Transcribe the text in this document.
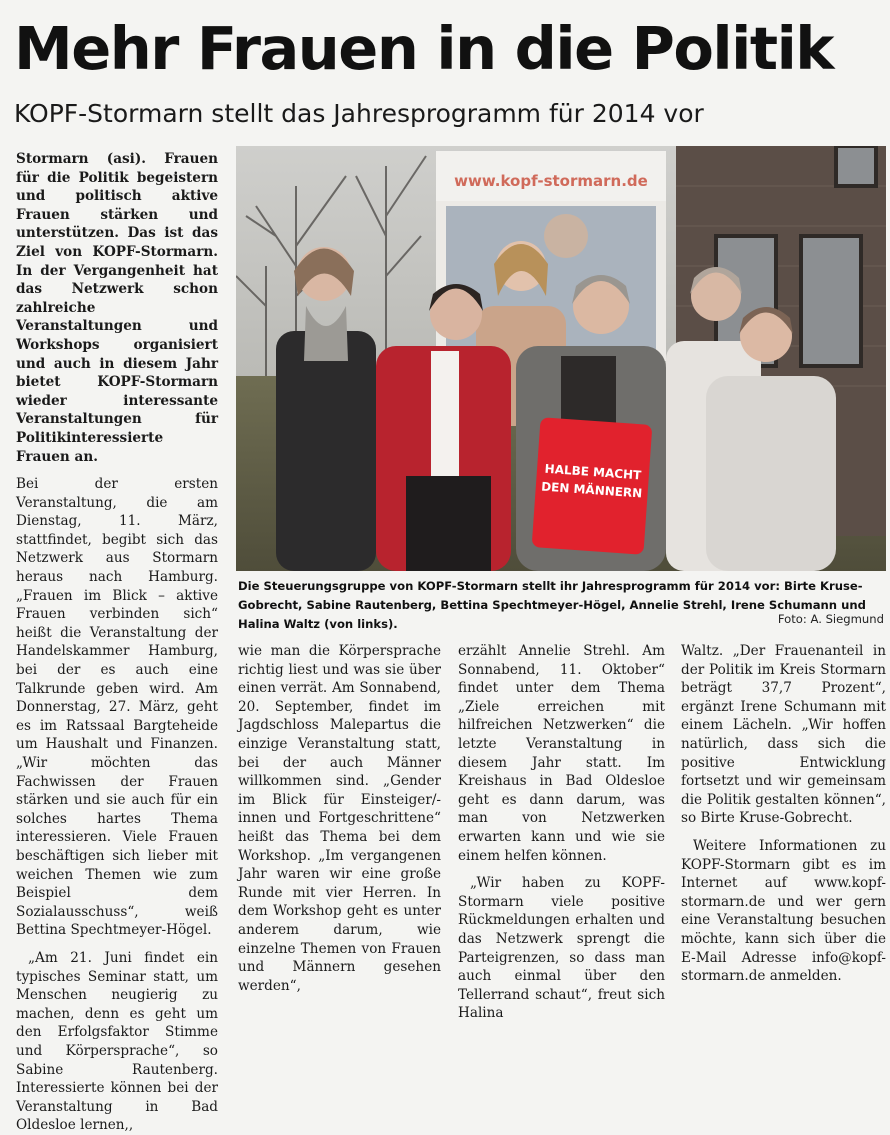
Mehr Frauen in die Politik
KOPF-Stormarn stellt das Jahresprogramm für 2014 vor

Stormarn (asi). Frauen für die Politik begeistern und politisch aktive Frauen stärken und unterstützen. Das ist das Ziel von KOPF-Stormarn. In der Vergangenheit hat das Netzwerk schon zahlreiche Veranstaltungen und Workshops organisiert und auch in diesem Jahr bietet KOPF-Stormarn wieder interessante Veranstaltungen für Politikinteressierte Frauen an.

Bei der ersten Veranstaltung, die am Dienstag, 11. März, stattfindet, begibt sich das Netzwerk aus Stormarn heraus nach Hamburg. „Frauen im Blick – aktive Frauen verbinden sich“ heißt die Veranstaltung der Handelskammer Hamburg, bei der es auch eine Talkrunde geben wird. Am Donnerstag, 27. März, geht es im Ratssaal Bargteheide um Haushalt und Finanzen. „Wir möchten das Fachwissen der Frauen stärken und sie auch für ein solches hartes Thema interessieren. Viele Frauen beschäftigen sich lieber mit weichen Themen wie zum Beispiel dem Sozialausschuss“, weiß Bettina Spechtmeyer-Högel.

„Am 21. Juni findet ein typisches Seminar statt, um Menschen neugierig zu machen, denn es geht um den Erfolgsfaktor Stimme und Körpersprache“, so Sabine Rautenberg. Interessierte können bei der Veranstaltung in Bad Oldesloe lernen,,

www.kopf-stormarn.de
HALBE MACHT
DEN MÄNNERN
Die Steuerungsgruppe von KOPF-Stormarn stellt ihr Jahresprogramm für 2014 vor: Birte Kruse-Gobrecht, Sabine Rautenberg, Bettina Spechtmeyer-Högel, Annelie Strehl, Irene Schumann und Halina Waltz (von links).	Foto: A. Siegmund

wie man die Körpersprache richtig liest und was sie über einen verrät. Am Sonnabend, 20. September, findet im Jagdschloss Malepartus die einzige Veranstaltung statt, bei der auch Männer willkommen sind. „Gender im Blick für Einsteiger/-innen und Fortgeschrittene“ heißt das Thema bei dem Workshop. „Im vergangenen Jahr waren wir eine große Runde mit vier Herren. In dem Workshop geht es unter anderem darum, wie einzelne Themen von Frauen und Männern gesehen werden“,

erzählt Annelie Strehl. Am Sonnabend, 11. Oktober“ findet unter dem Thema „Ziele erreichen mit hilfreichen Netzwerken“ die letzte Veranstaltung in diesem Jahr statt. Im Kreishaus in Bad Oldesloe geht es dann darum, was man von Netzwerken erwarten kann und wie sie einem helfen können.

„Wir haben zu KOPF-Stormarn viele positive Rückmeldungen erhalten und das Netzwerk sprengt die Parteigrenzen, so dass man auch einmal über den Tellerrand schaut“, freut sich Halina

Waltz. „Der Frauenanteil in der Politik im Kreis Stormarn beträgt 37,7 Prozent“, ergänzt Irene Schumann mit einem Lächeln. „Wir hoffen natürlich, dass sich die positive Entwicklung fortsetzt und wir gemeinsam die Politik gestalten können“, so Birte Kruse-Gobrecht.

Weitere Informationen zu KOPF-Stormarn gibt es im Internet auf www.kopf-stormarn.de und wer gern eine Veranstaltung besuchen möchte, kann sich über die E-Mail Adresse info@kopf-stormarn.de anmelden.
